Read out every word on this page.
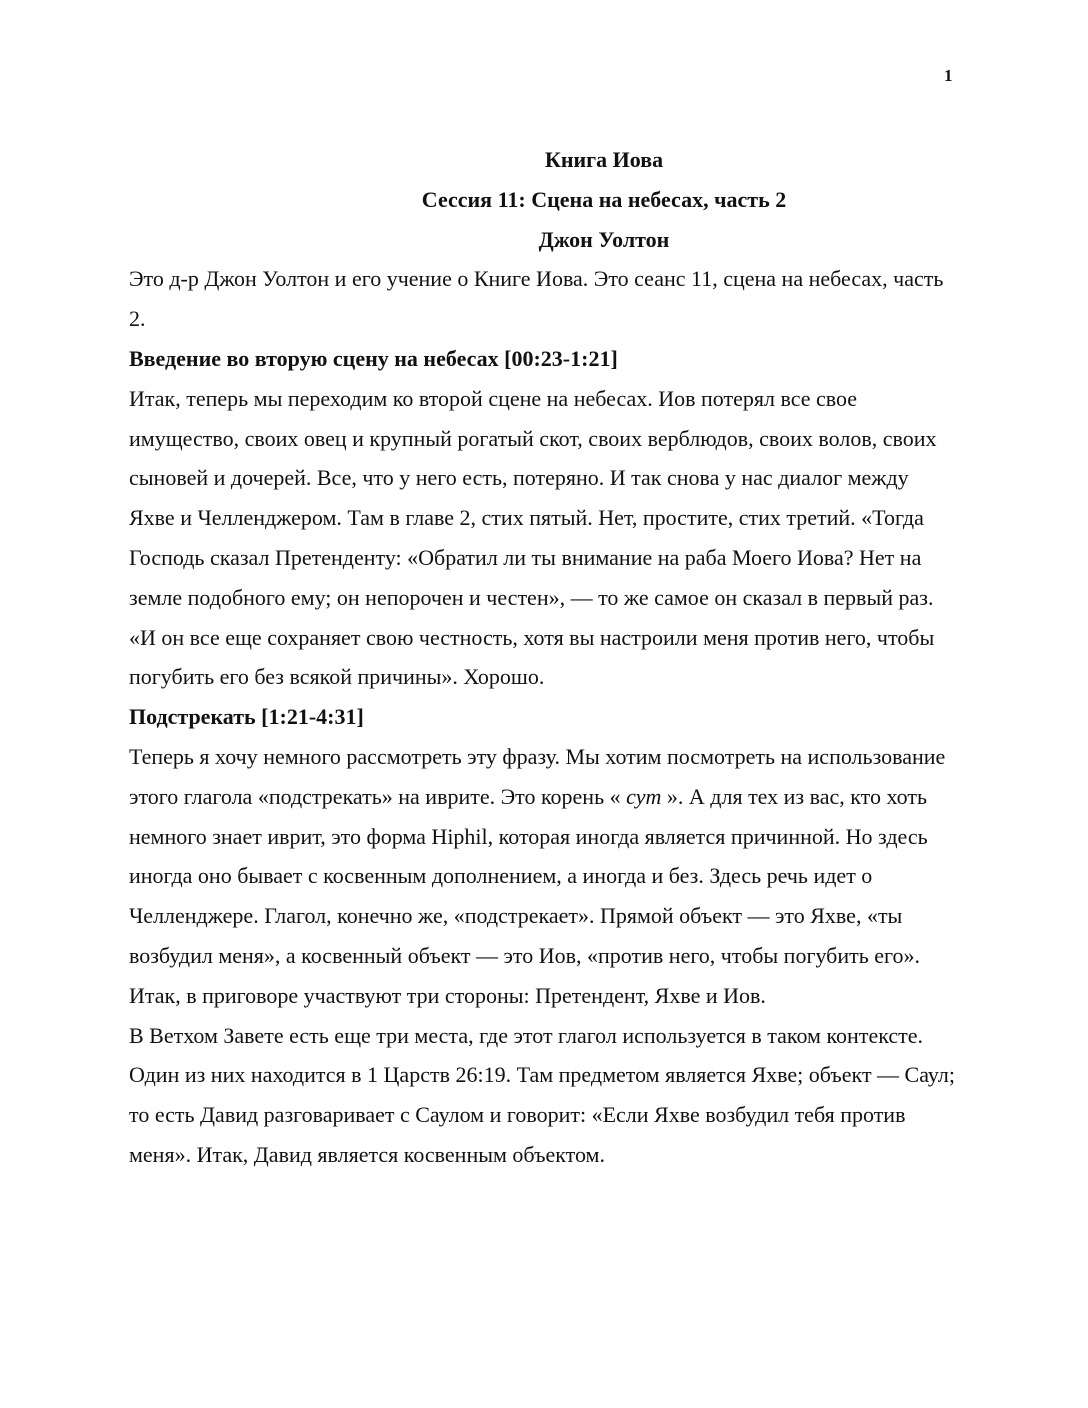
1

Книга Иова

Сессия 11: Сцена на небесах, часть 2

Джон Уолтон

Это д-р Джон Уолтон и его учение о Книге Иова. Это сеанс 11, сцена на небесах, часть 2.

Введение во вторую сцену на небесах [00:23-1:21]

Итак, теперь мы переходим ко второй сцене на небесах. Иов потерял все свое имущество, своих овец и крупный рогатый скот, своих верблюдов, своих волов, своих сыновей и дочерей. Все, что у него есть, потеряно. И так снова у нас диалог между Яхве и Челленджером. Там в главе 2, стих пятый. Нет, простите, стих третий. «Тогда Господь сказал Претенденту: «Обратил ли ты внимание на раба Моего Иова? Нет на земле подобного ему; он непорочен и честен», — то же самое он сказал в первый раз. «И он все еще сохраняет свою честность, хотя вы настроили меня против него, чтобы погубить его без всякой причины». Хорошо.

Подстрекать [1:21-4:31]

Теперь я хочу немного рассмотреть эту фразу. Мы хотим посмотреть на использование этого глагола «подстрекать» на иврите. Это корень « сут ». А для тех из вас, кто хоть немного знает иврит, это форма Hiphil, которая иногда является причинной. Но здесь иногда оно бывает с косвенным дополнением, а иногда и без. Здесь речь идет о Челленджере. Глагол, конечно же, «подстрекает». Прямой объект — это Яхве, «ты возбудил меня», а косвенный объект — это Иов, «против него, чтобы погубить его». Итак, в приговоре участвуют три стороны: Претендент, Яхве и Иов.

В Ветхом Завете есть еще три места, где этот глагол используется в таком контексте. Один из них находится в 1 Царств 26:19. Там предметом является Яхве; объект — Саул; то есть Давид разговаривает с Саулом и говорит: «Если Яхве возбудил тебя против меня». Итак, Давид является косвенным объектом.
